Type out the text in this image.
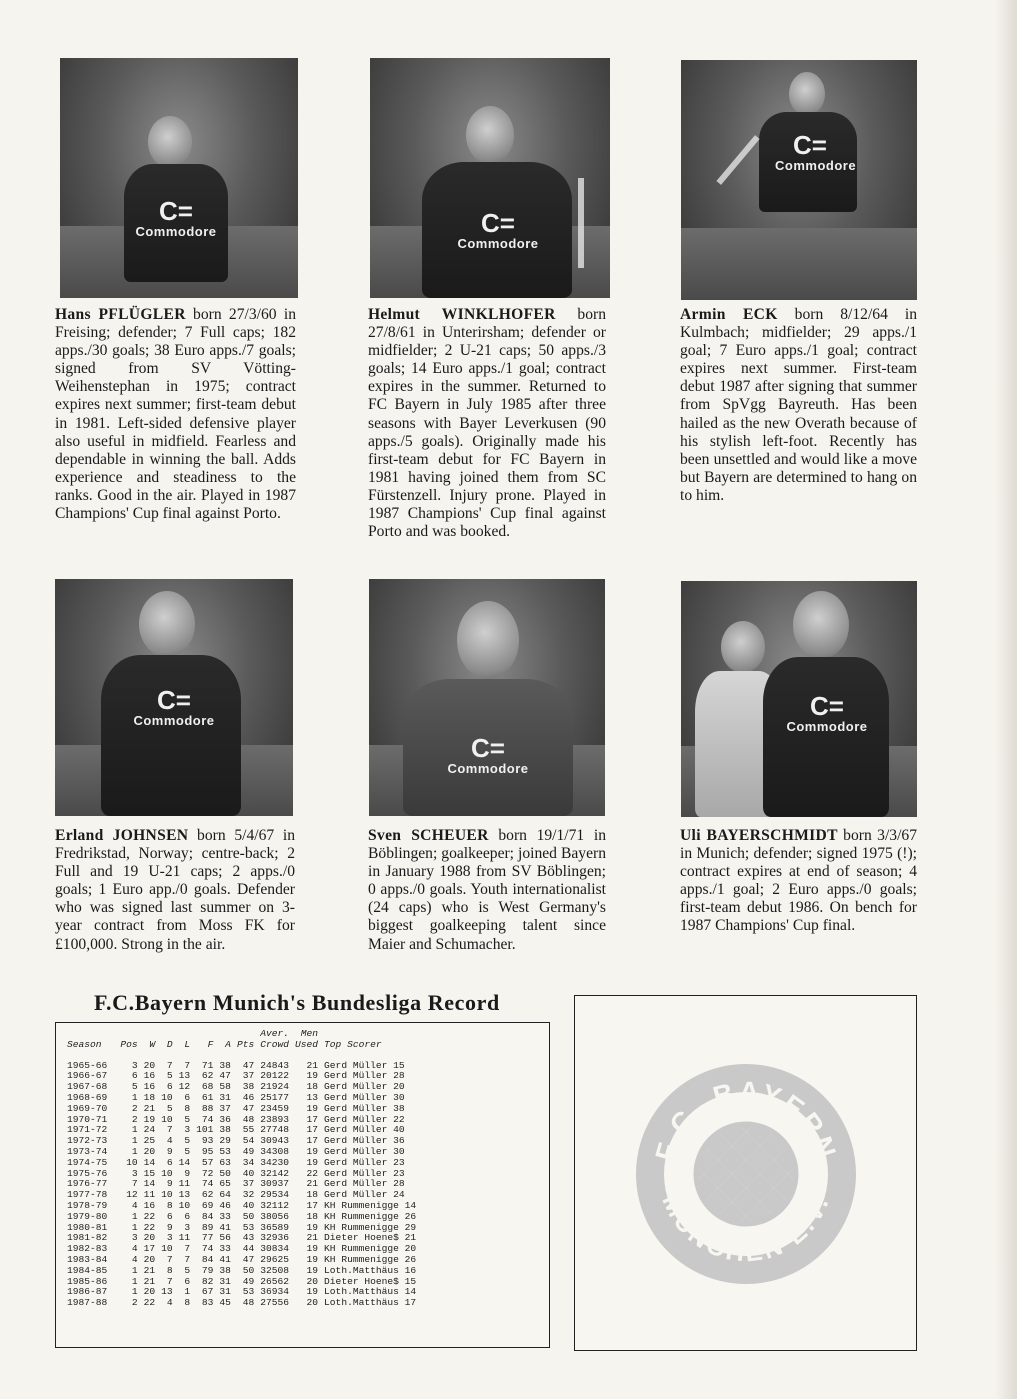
C=
Commodore	C=
Commodore
C=
Commodore
C=
Commodore
C=
Commodore
C=
Commodore

Hans PFLÜGLER born 27/3/60 in Freising; defender; 7 Full caps; 182 apps./30 goals; 38 Euro apps./7 goals; signed from SV Vötting-Weihenstephan in 1975; contract expires next summer; first-team debut in 1981. Left-sided defensive player also useful in midfield. Fearless and dependable in winning the ball. Adds experience and steadiness to the ranks. Good in the air. Played in 1987 Champions' Cup final against Porto.

Helmut WINKLHOFER born 27/8/61 in Unterirsham; defender or midfielder; 2 U-21 caps; 50 apps./3 goals; 14 Euro apps./1 goal; contract expires in the summer. Returned to FC Bayern in July 1985 after three seasons with Bayer Leverkusen (90 apps./5 goals). Originally made his first-team debut for FC Bayern in 1981 having joined them from SC Fürstenzell. Injury prone. Played in 1987 Champions' Cup final against Porto and was booked.

Armin ECK born 8/12/64 in Kulmbach; midfielder; 29 apps./1 goal; 7 Euro apps./1 goal; contract expires next summer. First-team debut 1987 after signing that summer from SpVgg Bayreuth. Has been hailed as the new Overath because of his stylish left-foot. Recently has been unsettled and would like a move but Bayern are determined to hang on to him.

Erland JOHNSEN born 5/4/67 in Fredrikstad, Norway; centre-back; 2 Full and 19 U-21 caps; 2 apps./0 goals; 1 Euro app./0 goals. Defender who was signed last summer on 3-year contract from Moss FK for £100,000. Strong in the air.

Sven SCHEUER born 19/1/71 in Böblingen; goalkeeper; joined Bayern in January 1988 from SV Böblingen; 0 apps./0 goals. Youth internationalist (24 caps) who is West Germany's biggest goalkeeping talent since Maier and Schumacher.

Uli BAYERSCHMIDT born 3/3/67 in Munich; defender; signed 1975 (!); contract expires at end of season; 4 apps./1 goal; 2 Euro apps./0 goals; first-team debut 1986. On bench for 1987 Champions' Cup final.

F.C.Bayern Munich's Bundesliga Record
								Aver.	Men	
Season	Pos	W	D	L	F	A	Pts	Crowd	Used	Top Scorer

1965-66	3	20	7	7	71	38	47	24843	21	Gerd Müller 15
1966-67	6	16	5	13	62	47	37	20122	19	Gerd Müller 28
1967-68	5	16	6	12	68	58	38	21924	18	Gerd Müller 20
1968-69	1	18	10	6	61	31	46	25177	13	Gerd Müller 30
1969-70	2	21	5	8	88	37	47	23459	19	Gerd Müller 38
1970-71	2	19	10	5	74	36	48	23893	17	Gerd Müller 22
1971-72	1	24	7	3	101	38	55	27748	17	Gerd Müller 40
1972-73	1	25	4	5	93	29	54	30943	17	Gerd Müller 36
1973-74	1	20	9	5	95	53	49	34308	19	Gerd Müller 30
1974-75	10	14	6	14	57	63	34	34230	19	Gerd Müller 23
1975-76	3	15	10	9	72	50	40	32142	22	Gerd Müller 23
1976-77	7	14	9	11	74	65	37	30937	21	Gerd Müller 28
1977-78	12	11	10	13	62	64	32	29534	18	Gerd Müller 24
1978-79	4	16	8	10	69	46	40	32112	17	KH Rummenigge 14
1979-80	1	22	6	6	84	33	50	38056	18	KH Rummenigge 26
1980-81	1	22	9	3	89	41	53	36589	19	KH Rummenigge 29
1981-82	3	20	3	11	77	56	43	32936	21	Dieter Hoene$ 21
1982-83	4	17	10	7	74	33	44	30834	19	KH Rummenigge 20
1983-84	4	20	7	7	84	41	47	29625	19	KH Rummenigge 26
1984-85	1	21	8	5	79	38	50	32508	19	Loth.Matthäus 16
1985-86	1	21	7	6	82	31	49	26562	20	Dieter Hoene$ 15
1986-87	1	20	13	1	67	31	53	36934	19	Loth.Matthäus 14
1987-88	2	22	4	8	83	45	48	27556	20	Loth.Matthäus 17
F.C. BAYERN
MÜNCHEN E.V.
